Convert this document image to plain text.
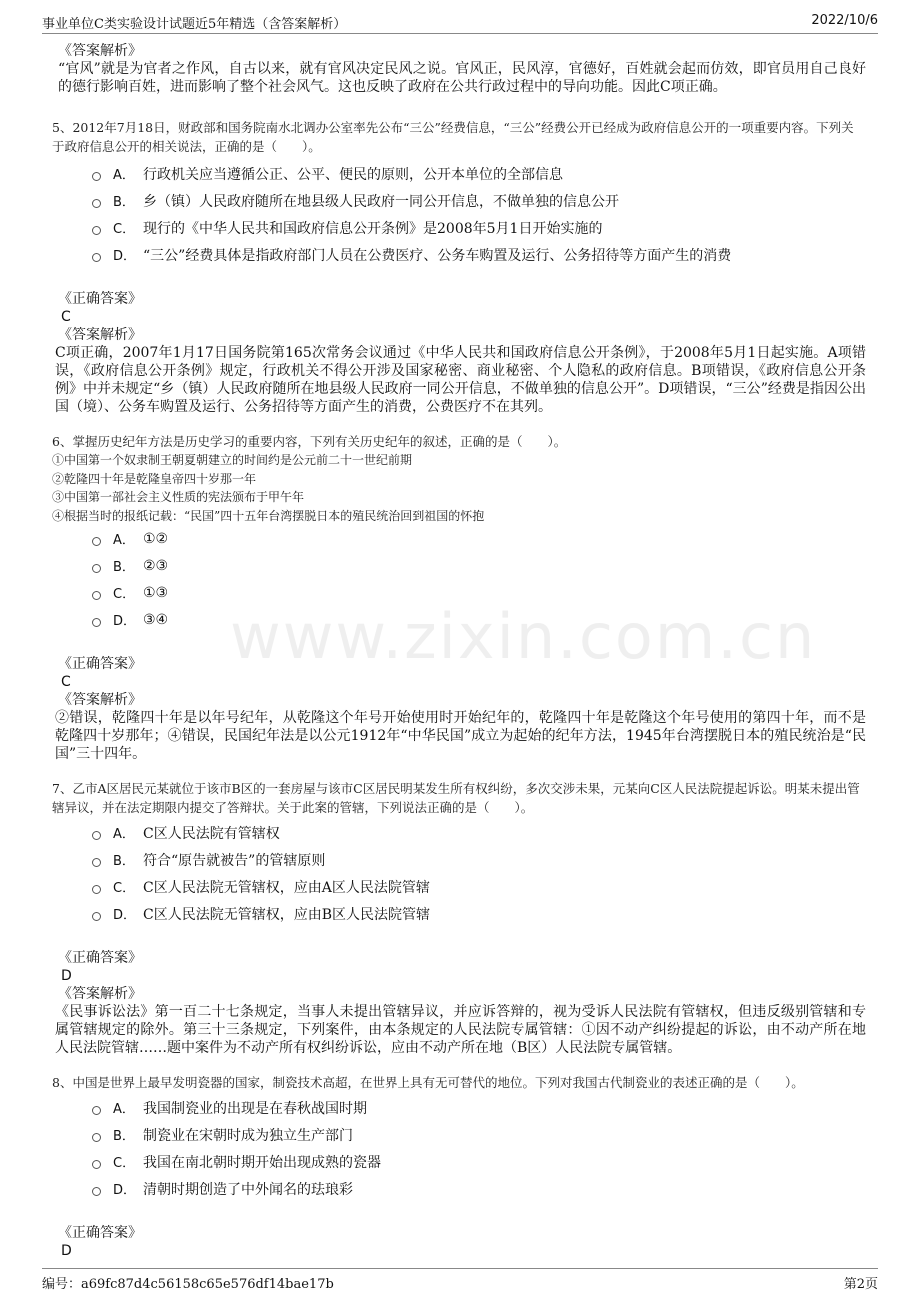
事业单位C类实验设计试题近5年精选（含答案解析）	2022/10/6
www.zixin.com.cn

《答案解析》

“官风”就是为官者之作风，自古以来，就有官风决定民风之说。官风正，民风淳，官德好，百姓就会起而仿效，即官员用自己良好的德行影响百姓，进而影响了整个社会风气。这也反映了政府在公共行政过程中的导向功能。因此C项正确。

5、2012年7月18日，财政部和国务院南水北调办公室率先公布“三公”经费信息，“三公”经费公开已经成为政府信息公开的一项重要内容。下列关于政府信息公开的相关说法，正确的是（　　）。

A． 行政机关应当遵循公正、公平、便民的原则，公开本单位的全部信息
B． 乡（镇）人民政府随所在地县级人民政府一同公开信息，不做单独的信息公开
C． 现行的《中华人民共和国政府信息公开条例》是2008年5月1日开始实施的
D． “三公”经费具体是指政府部门人员在公费医疗、公务车购置及运行、公务招待等方面产生的消费

《正确答案》

C

《答案解析》

C项正确，2007年1月17日国务院第165次常务会议通过《中华人民共和国政府信息公开条例》，于2008年5月1日起实施。A项错误，《政府信息公开条例》规定，行政机关不得公开涉及国家秘密、商业秘密、个人隐私的政府信息。B项错误，《政府信息公开条例》中并未规定“乡（镇）人民政府随所在地县级人民政府一同公开信息，不做单独的信息公开”。D项错误，“三公”经费是指因公出国（境）、公务车购置及运行、公务招待等方面产生的消费，公费医疗不在其列。

6、掌握历史纪年方法是历史学习的重要内容，下列有关历史纪年的叙述，正确的是（　　）。

①中国第一个奴隶制王朝夏朝建立的时间约是公元前二十一世纪前期

②乾隆四十年是乾隆皇帝四十岁那一年

③中国第一部社会主义性质的宪法颁布于甲午年

④根据当时的报纸记载：“民国”四十五年台湾摆脱日本的殖民统治回到祖国的怀抱

A． ①②
B． ②③
C． ①③
D． ③④

《正确答案》

C

《答案解析》

②错误，乾隆四十年是以年号纪年，从乾隆这个年号开始使用时开始纪年的，乾隆四十年是乾隆这个年号使用的第四十年，而不是乾隆四十岁那年；④错误，民国纪年法是以公元1912年“中华民国”成立为起始的纪年方法，1945年台湾摆脱日本的殖民统治是“民国”三十四年。

7、乙市A区居民元某就位于该市B区的一套房屋与该市C区居民明某发生所有权纠纷，多次交涉未果，元某向C区人民法院提起诉讼。明某未提出管辖异议，并在法定期限内提交了答辩状。关于此案的管辖，下列说法正确的是（　　）。

A． C区人民法院有管辖权
B． 符合“原告就被告”的管辖原则
C． C区人民法院无管辖权，应由A区人民法院管辖
D． C区人民法院无管辖权，应由B区人民法院管辖

《正确答案》

D

《答案解析》

《民事诉讼法》第一百二十七条规定，当事人未提出管辖异议，并应诉答辩的，视为受诉人民法院有管辖权，但违反级别管辖和专属管辖规定的除外。第三十三条规定，下列案件，由本条规定的人民法院专属管辖：①因不动产纠纷提起的诉讼，由不动产所在地人民法院管辖……题中案件为不动产所有权纠纷诉讼，应由不动产所在地（B区）人民法院专属管辖。

8、中国是世界上最早发明瓷器的国家，制瓷技术高超，在世界上具有无可替代的地位。下列对我国古代制瓷业的表述正确的是（　　）。

A． 我国制瓷业的出现是在春秋战国时期
B． 制瓷业在宋朝时成为独立生产部门
C． 我国在南北朝时期开始出现成熟的瓷器
D． 清朝时期创造了中外闻名的珐琅彩

《正确答案》

D

编号：a69fc87d4c56158c65e576df14bae17b	第2页
